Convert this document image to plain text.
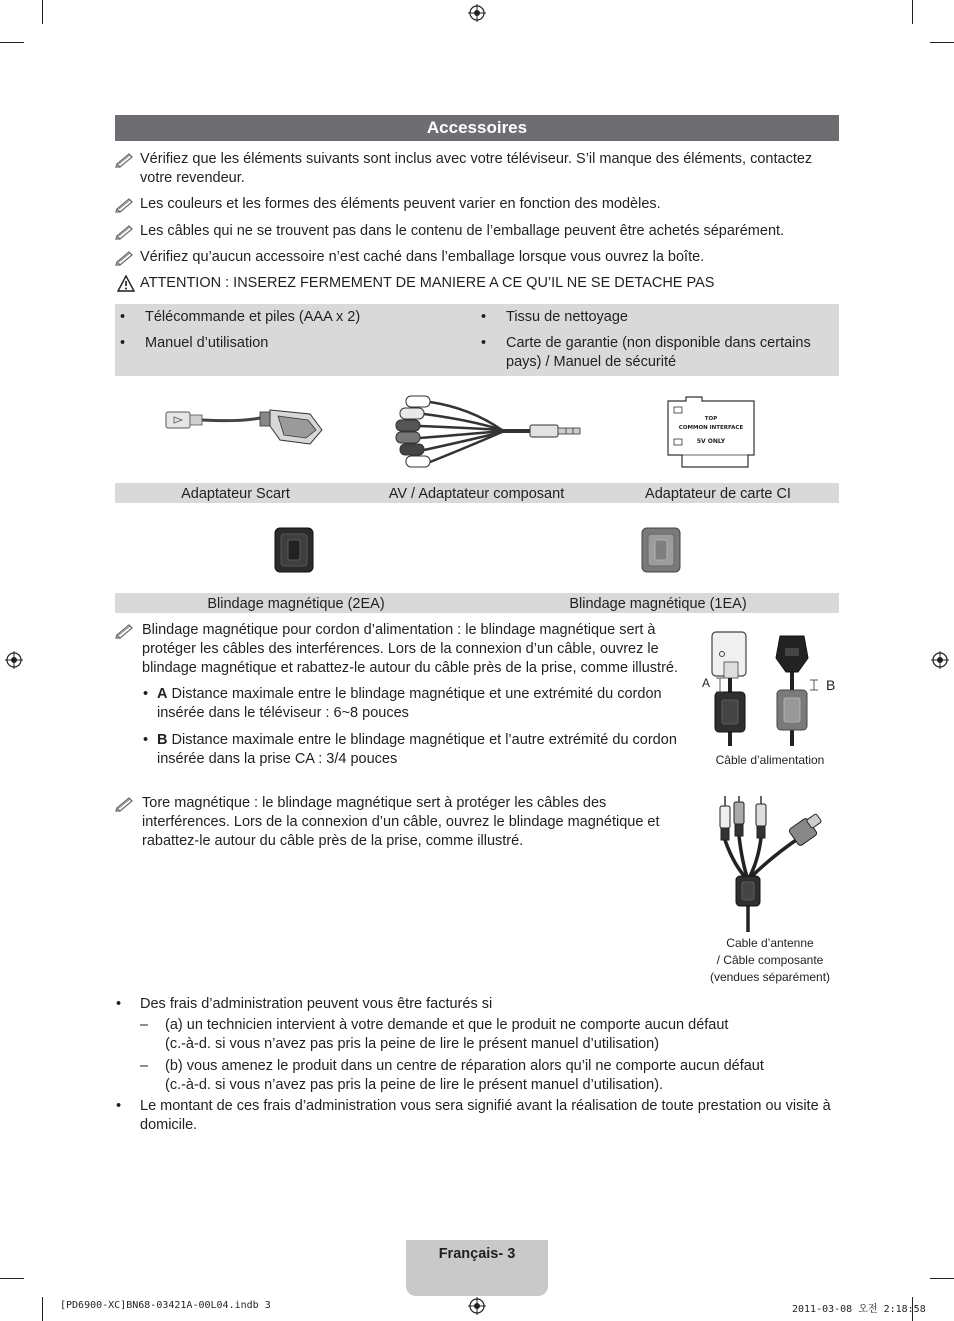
Accessoires
Vérifiez que les éléments suivants sont inclus avec votre téléviseur. S’il manque des éléments, contactez votre revendeur.
Les couleurs et les formes des éléments peuvent varier en fonction des modèles.
Les câbles qui ne se trouvent pas dans le contenu de l’emballage peuvent être achetés séparément.
Vérifiez qu’aucun accessoire n’est caché dans l’emballage lorsque vous ouvrez la boîte.
ATTENTION : INSEREZ FERMEMENT DE MANIERE A CE QU’IL NE SE DETACHE PAS
• Télécommande et piles (AAA x 2)
• Manuel d’utilisation
• Tissu de nettoyage
• Carte de garantie (non disponible dans certains pays) / Manuel de sécurité
TOP
COMMON INTERFACE
5V ONLY
Adaptateur Scart	AV / Adaptateur composant	Adaptateur de carte CI
Blindage magnétique (2EA)	Blindage magnétique (1EA)
Blindage magnétique pour cordon d’alimentation : le blindage magnétique sert à protéger les câbles des interférences. Lors de la connexion d’un câble, ouvrez le blindage magnétique et rabattez-le autour du câble près de la prise, comme illustré.
• A Distance maximale entre le blindage magnétique et une extrémité du cordon insérée dans le téléviseur : 6~8 pouces
• B Distance maximale entre le blindage magnétique et l’autre extrémité du cordon insérée dans la prise CA : 3/4 pouces
A	B
Câble d’alimentation
Tore magnétique : le blindage magnétique sert à protéger les câbles des interférences. Lors de la connexion d’un câble, ouvrez le blindage magnétique et rabattez-le autour du câble près de la prise, comme illustré.
Cable d’antenne
/ Câble composante
(vendues séparément)
• Des frais d’administration peuvent vous être facturés si
– (a) un technicien intervient à votre demande et que le produit ne comporte aucun défaut
(c.-à-d. si vous n’avez pas pris la peine de lire le présent manuel d’utilisation)
– (b) vous amenez le produit dans un centre de réparation alors qu’il ne comporte aucun défaut
(c.-à-d. si vous n’avez pas pris la peine de lire le présent manuel d’utilisation).
• Le montant de ces frais d’administration vous sera signifié avant la réalisation de toute prestation ou visite à domicile.
Français- 3
[PD6900-XC]BN68-03421A-00L04.indb 3	2011-03-08 오전 2:18:58
